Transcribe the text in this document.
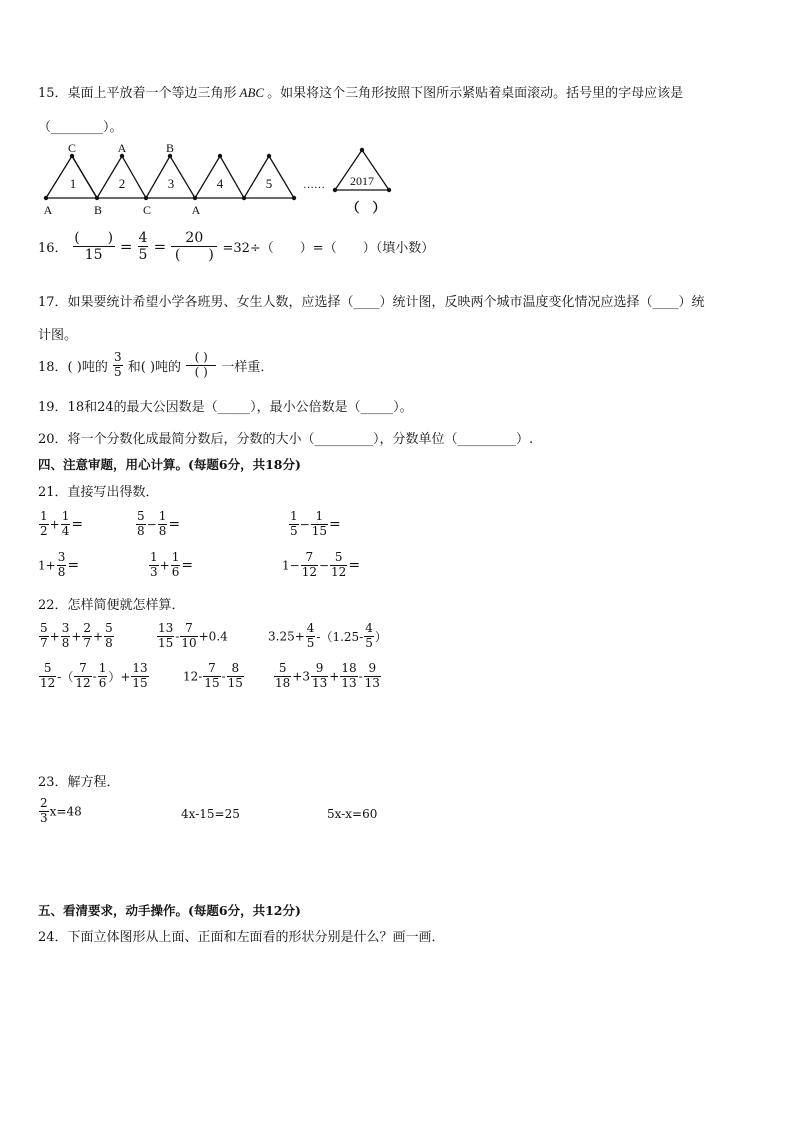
15．桌面上平放着一个等边三角形 ABC 。如果将这个三角形按照下图所示紧贴着桌面滚动。括号里的字母应该是
（________）。
C	A	B
A	B	C	A
1	2	3	4	5	…… 2017
（　）
16． $\frac{( )}{15} = \frac{4}{5} = \frac{20}{( )} =32\div$（　　）=（　　）（填小数）
17．如果要统计希望小学各班男、女生人数，应选择（____）统计图，反映两个城市温度变化情况应选择（____）统
计图。
18．( )吨的 $\frac{3}{5}$ 和( )吨的 $\frac{( )}{( )}$ 一样重．
19．18和24的最大公因数是（_____），最小公倍数是（_____）。
20．将一个分数化成最简分数后，分数的大小（_________），分数单位（_________）.
四、注意审题，用心计算。(每题6分，共18分)
21．直接写出得数．
$\frac{1}{2} + \frac{1}{4}$ =	$\frac{5}{8} - \frac{1}{8}$ =	$\frac{1}{5} - \frac{1}{15}$ =
$1+ \frac{3}{8}$ =	$\frac{1}{3} + \frac{1}{6}$ =	$1- \frac{7}{12} - \frac{5}{12}$ =
22．怎样简便就怎样算．
$\frac{5}{7} + \frac{3}{8} + \frac{2}{7} + \frac{5}{8}$	$\frac{13}{15} - \frac{7}{10} +0.4$	$3.25+ \frac{4}{5} -(1.25- \frac{4}{5}$ ）
$\frac{5}{12}$ -（ $\frac{7}{12} - \frac{1}{6}$ ）+ $\frac{13}{15}$	$12- \frac{7}{15} - \frac{8}{15}$	$\frac{5}{18} +3 \frac{9}{13} + \frac{18}{13} - \frac{9}{13}$
23．解方程．
$\frac{2}{3} x=48$	4x-15=25	5x-x=60
五、看清要求，动手操作。(每题6分，共12分)
24．下面立体图形从上面、正面和左面看的形状分别是什么？画一画．
